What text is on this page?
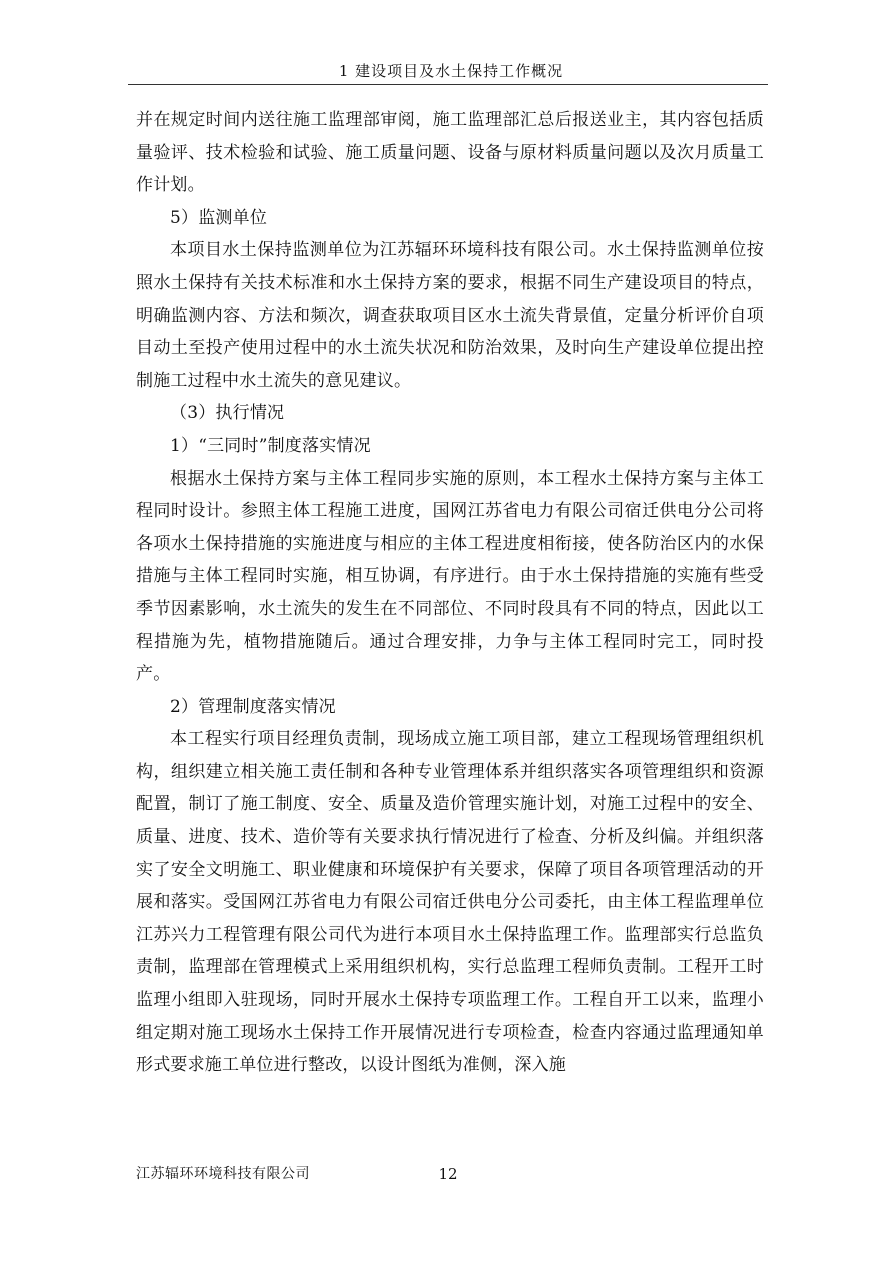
1 建设项目及水土保持工作概况

并在规定时间内送往施工监理部审阅，施工监理部汇总后报送业主，其内容包括质量验评、技术检验和试验、施工质量问题、设备与原材料质量问题以及次月质量工作计划。

5）监测单位

本项目水土保持监测单位为江苏辐环环境科技有限公司。水土保持监测单位按照水土保持有关技术标准和水土保持方案的要求，根据不同生产建设项目的特点，明确监测内容、方法和频次，调查获取项目区水土流失背景值，定量分析评价自项目动土至投产使用过程中的水土流失状况和防治效果，及时向生产建设单位提出控制施工过程中水土流失的意见建议。

（3）执行情况

1）“三同时”制度落实情况

根据水土保持方案与主体工程同步实施的原则，本工程水土保持方案与主体工程同时设计。参照主体工程施工进度，国网江苏省电力有限公司宿迁供电分公司将各项水土保持措施的实施进度与相应的主体工程进度相衔接，使各防治区内的水保措施与主体工程同时实施，相互协调，有序进行。由于水土保持措施的实施有些受季节因素影响，水土流失的发生在不同部位、不同时段具有不同的特点，因此以工程措施为先，植物措施随后。通过合理安排，力争与主体工程同时完工，同时投产。

2）管理制度落实情况

本工程实行项目经理负责制，现场成立施工项目部，建立工程现场管理组织机构，组织建立相关施工责任制和各种专业管理体系并组织落实各项管理组织和资源配置，制订了施工制度、安全、质量及造价管理实施计划，对施工过程中的安全、质量、进度、技术、造价等有关要求执行情况进行了检查、分析及纠偏。并组织落实了安全文明施工、职业健康和环境保护有关要求，保障了项目各项管理活动的开展和落实。受国网江苏省电力有限公司宿迁供电分公司委托，由主体工程监理单位江苏兴力工程管理有限公司代为进行本项目水土保持监理工作。监理部实行总监负责制，监理部在管理模式上采用组织机构，实行总监理工程师负责制。工程开工时监理小组即入驻现场，同时开展水土保持专项监理工作。工程自开工以来，监理小组定期对施工现场水土保持工作开展情况进行专项检查，检查内容通过监理通知单形式要求施工单位进行整改，以设计图纸为准侧，深入施

江苏辐环环境科技有限公司	12
